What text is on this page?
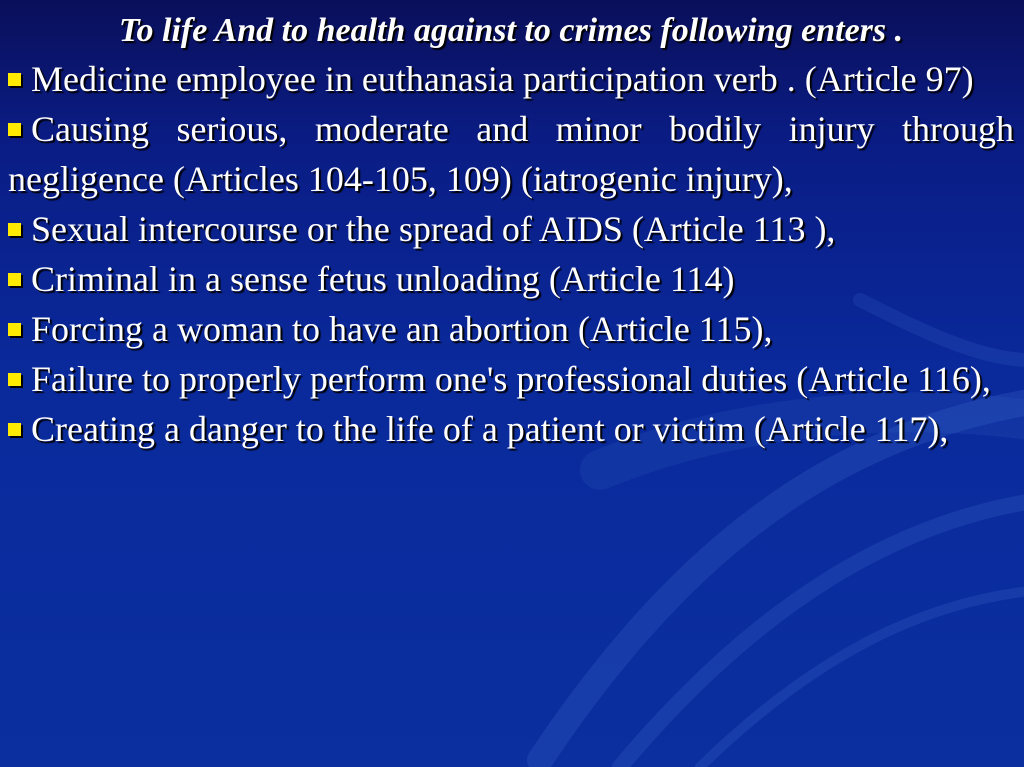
To life And to health against to crimes following enters .
Medicine employee in euthanasia participation verb . (Article 97)
Causing serious, moderate and minor bodily injury through negligence (Articles 104-105, 109) (iatrogenic injury),
Sexual intercourse or the spread of AIDS (Article 113 ),
Criminal in a sense fetus unloading (Article 114)
Forcing a woman to have an abortion (Article 115),
Failure to properly perform one's professional duties (Article 116),
Creating a danger to the life of a patient or victim (Article 117),
